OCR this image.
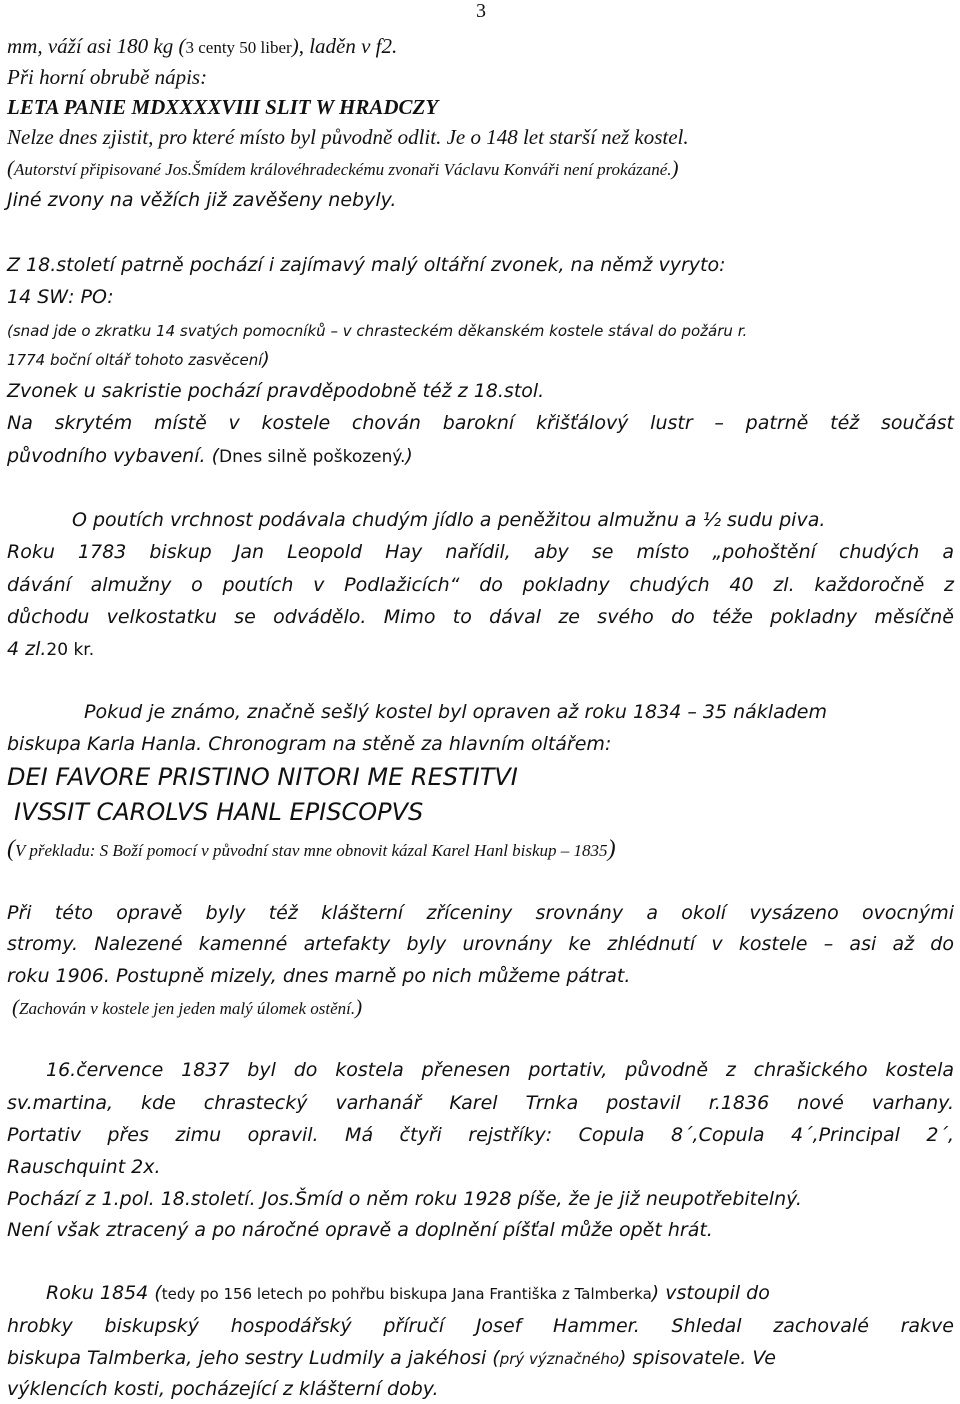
3
mm, váží asi 180 kg (3 centy 50 liber), laděn v f2.
Při horní obrubě nápis:
LETA PANIE MDXXXXVIII SLIT W HRADCZY
Nelze dnes zjistit, pro které místo byl původně odlit. Je o 148 let starší než kostel.
(Autorství připisované Jos.Šmídem královéhradeckému zvonaři Václavu Konváři není prokázané.)
Jiné zvony na věžích již zavěšeny nebyly.
Z 18.století patrně pochází i zajímavý malý oltářní zvonek, na němž vyryto:
14 SW: PO:
(snad jde o zkratku 14 svatých pomocníků – v chrasteckém děkanském kostele stával do požáru r.
1774 boční oltář tohoto zasvěcení)
Zvonek u sakristie pochází pravděpodobně též z 18.stol.
Na skrytém místě v kostele chován barokní křišťálový lustr – patrně též součást
původního vybavení. (Dnes silně poškozený.)
O poutích vrchnost podávala chudým jídlo a peněžitou almužnu a ½ sudu piva.
Roku 1783 biskup Jan Leopold Hay nařídil, aby se místo „pohoštění chudých a
dávání almužny o poutích v Podlažicích“ do pokladny chudých 40 zl. každoročně z
důchodu velkostatku se odvádělo. Mimo to dával ze svého do téže pokladny měsíčně
4 zl.20 kr.
Pokud je známo, značně sešlý kostel byl opraven až roku 1834 – 35 nákladem
biskupa Karla Hanla. Chronogram na stěně za hlavním oltářem:
DEI FAVORE PRISTINO NITORI ME RESTITVI
IVSSIT CAROLVS HANL EPISCOPVS
(V překladu: S Boží pomocí v původní stav mne obnovit kázal Karel Hanl biskup – 1835)
Při této opravě byly též klášterní zříceniny srovnány a okolí vysázeno ovocnými
stromy. Nalezené kamenné artefakty byly urovnány ke zhlédnutí v kostele – asi až do
roku 1906. Postupně mizely, dnes marně po nich můžeme pátrat.
(Zachován v kostele jen jeden malý úlomek ostění.)
16.července 1837 byl do kostela přenesen portativ, původně z chrašického kostela
sv.martina, kde chrastecký varhanář Karel Trnka postavil r.1836 nové varhany.
Portativ přes zimu opravil. Má čtyři rejstříky: Copula 8´,Copula 4´,Principal 2´,
Rauschquint 2x.
Pochází z 1.pol. 18.století. Jos.Šmíd o něm roku 1928 píše, že je již neupotřebitelný.
Není však ztracený a po náročné opravě a doplnění píšťal může opět hrát.
Roku 1854 (tedy po 156 letech po pohřbu biskupa Jana Františka z Talmberka) vstoupil do
hrobky biskupský hospodářský příručí Josef Hammer. Shledal zachovalé rakve
biskupa Talmberka, jeho sestry Ludmily a jakéhosi (prý význačného) spisovatele. Ve
výklencích kosti, pocházející z klášterní doby.
